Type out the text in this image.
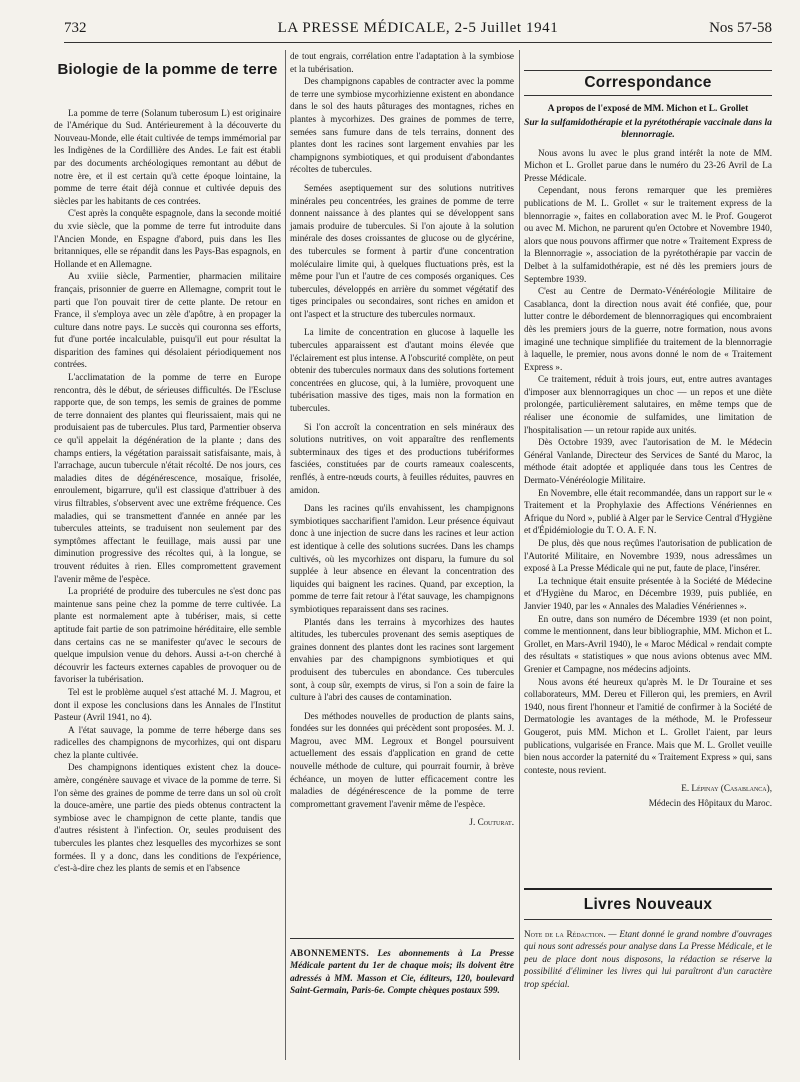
732	LA PRESSE MÉDICALE, 2-5 Juillet 1941	Nos 57-58
Biologie de la pomme de terre

La pomme de terre (Solanum tuberosum L) est originaire de l'Amérique du Sud. Antérieurement à la découverte du Nouveau-Monde, elle était cultivée de temps immémorial par les Indigènes de la Cordillière des Andes. Le fait est établi par des documents archéologiques remontant au début de notre ère, et il est certain qu'à cette époque lointaine, la pomme de terre était déjà connue et cultivée depuis des siècles par les habitants de ces contrées.

C'est après la conquête espagnole, dans la seconde moitié du xvie siècle, que la pomme de terre fut introduite dans l'Ancien Monde, en Espagne d'abord, puis dans les Iles britanniques, elle se répandit dans les Pays-Bas espagnols, en Hollande et en Allemagne.

Au xviiie siècle, Parmentier, pharmacien militaire français, prisonnier de guerre en Allemagne, comprit tout le parti que l'on pouvait tirer de cette plante. De retour en France, il s'employa avec un zèle d'apôtre, à en propager la culture dans notre pays. Le succès qui couronna ses efforts, fut d'une portée incalculable, puisqu'il eut pour résultat la disparition des famines qui désolaient périodiquement nos contrées.

L'acclimatation de la pomme de terre en Europe rencontra, dès le début, de sérieuses difficultés. De l'Escluse rapporte que, de son temps, les semis de graines de pomme de terre donnaient des plantes qui fleurissaient, mais qui ne produisaient pas de tubercules. Plus tard, Parmentier observa ce qu'il appelait la dégénération de la plante ; dans des champs entiers, la végétation paraissait satisfaisante, mais, à l'arrachage, aucun tubercule n'était récolté. De nos jours, ces maladies dites de dégénérescence, mosaïque, frisolée, enroulement, bigarrure, qu'il est classique d'attribuer à des virus filtrables, s'observent avec une extrême fréquence. Ces maladies, qui se transmettent d'année en année par les tubercules atteints, se traduisent non seulement par des symptômes affectant le feuillage, mais aussi par une diminution progressive des récoltes qui, à la longue, se trouvent réduites à rien. Elles compromettent gravement l'avenir même de l'espèce.

La propriété de produire des tubercules ne s'est donc pas maintenue sans peine chez la pomme de terre cultivée. La plante est normalement apte à tubériser, mais, si cette aptitude fait partie de son patrimoine héréditaire, elle semble dans certains cas ne se manifester qu'avec le secours de quelque impulsion venue du dehors. Aussi a-t-on cherché à découvrir les facteurs externes capables de provoquer ou de favoriser la tubérisation.

Tel est le problème auquel s'est attaché M. J. Magrou, et dont il expose les conclusions dans les Annales de l'Institut Pasteur (Avril 1941, no 4).

A l'état sauvage, la pomme de terre héberge dans ses radicelles des champignons de mycorhizes, qui ont disparu chez la plante cultivée.

Des champignons identiques existent chez la douce-amère, congénère sauvage et vivace de la pomme de terre. Si l'on sème des graines de pomme de terre dans un sol où croît la douce-amère, une partie des pieds obtenus contractent la symbiose avec le champignon de cette plante, tandis que d'autres résistent à l'infection. Or, seules produisent des tubercules les plantes chez lesquelles des mycorhizes se sont formées. Il y a donc, dans les conditions de l'expérience, c'est-à-dire chez les plants de semis et en l'absence

de tout engrais, corrélation entre l'adaptation à la symbiose et la tubérisation.

Des champignons capables de contracter avec la pomme de terre une symbiose mycorhizienne existent en abondance dans le sol des hauts pâturages des montagnes, riches en plantes à mycorhizes. Des graines de pommes de terre, semées sans fumure dans de tels terrains, donnent des plantes dont les racines sont largement envahies par les champignons symbiotiques, et qui produisent d'abondantes récoltes de tubercules.

Semées aseptiquement sur des solutions nutritives minérales peu concentrées, les graines de pomme de terre donnent naissance à des plantes qui se développent sans jamais produire de tubercules. Si l'on ajoute à la solution minérale des doses croissantes de glucose ou de glycérine, des tubercules se forment à partir d'une concentration moléculaire limite qui, à quelques fluctuations près, est la même pour l'un et l'autre de ces composés organiques. Ces tubercules, développés en arrière du sommet végétatif des tiges principales ou secondaires, sont riches en amidon et ont l'aspect et la structure des tubercules normaux.

La limite de concentration en glucose à laquelle les tubercules apparaissent est d'autant moins élevée que l'éclairement est plus intense. A l'obscurité complète, on peut obtenir des tubercules normaux dans des solutions fortement concentrées en glucose, qui, à la lumière, provoquent une tubérisation massive des tiges, mais non la formation en tubercules.

Si l'on accroît la concentration en sels minéraux des solutions nutritives, on voit apparaître des renflements subterminaux des tiges et des productions tubériformes fasciées, constituées par de courts rameaux coalescents, renflés, à entre-nœuds courts, à feuilles réduites, pauvres en amidon.

Dans les racines qu'ils envahissent, les champignons symbiotiques saccharifient l'amidon. Leur présence équivaut donc à une injection de sucre dans les racines et leur action est identique à celle des solutions sucrées. Dans les champs cultivés, où les mycorhizes ont disparu, la fumure du sol supplée à leur absence en élevant la concentration des liquides qui baignent les racines. Quand, par exception, la pomme de terre fait retour à l'état sauvage, les champignons symbiotiques reparaissent dans ses racines.

Plantés dans les terrains à mycorhizes des hautes altitudes, les tubercules provenant des semis aseptiques de graines donnent des plantes dont les racines sont largement envahies par des champignons symbiotiques et qui produisent des tubercules en abondance. Ces tubercules sont, à coup sûr, exempts de virus, si l'on a soin de faire la culture à l'abri des causes de contamination.

Des méthodes nouvelles de production de plants sains, fondées sur les données qui précèdent sont proposées. M. J. Magrou, avec MM. Legroux et Bongel poursuivent actuellement des essais d'application en grand de cette nouvelle méthode de culture, qui pourrait fournir, à brève échéance, un moyen de lutter efficacement contre les maladies de dégénérescence de la pomme de terre compromettant gravement l'avenir même de l'espèce.

J. Couturat.
ABONNEMENTS. Les abonnements à La Presse Médicale partent du 1er de chaque mois; ils doivent être adressés à MM. Masson et Cie, éditeurs, 120, boulevard Saint-Germain, Paris-6e. Compte chèques postaux 599.
Correspondance
A propos de l'exposé de MM. Michon et L. Grollet
Sur la sulfamidothérapie et la pyrétothérapie vaccinale dans la blennorragie.

Nous avons lu avec le plus grand intérêt la note de MM. Michon et L. Grollet parue dans le numéro du 23-26 Avril de La Presse Médicale.

Cependant, nous ferons remarquer que les premières publications de M. L. Grollet « sur le traitement express de la blennorragie », faites en collaboration avec M. le Prof. Gougerot ou avec M. Michon, ne parurent qu'en Octobre et Novembre 1940, alors que nous pouvons affirmer que notre « Traitement Express de la Blennorragie », association de la pyrétothérapie par vaccin de Delbet à la sulfamidothérapie, est né dès les premiers jours de Septembre 1939.

C'est au Centre de Dermato-Vénéréologie Militaire de Casablanca, dont la direction nous avait été confiée, que, pour lutter contre le débordement de blennorragiques qui encombraient dès les premiers jours de la guerre, notre formation, nous avons imaginé une technique simplifiée du traitement de la blennorragie à laquelle, le premier, nous avons donné le nom de « Traitement Express ».

Ce traitement, réduit à trois jours, eut, entre autres avantages d'imposer aux blennorragiques un choc — un repos et une diète prolongée, particulièrement salutaires, en même temps que de réaliser une économie de sulfamides, une limitation de l'hospitalisation — un retour rapide aux unités.

Dès Octobre 1939, avec l'autorisation de M. le Médecin Général Vanlande, Directeur des Services de Santé du Maroc, la méthode était adoptée et appliquée dans tous les Centres de Dermato-Vénéréologie Militaire.

En Novembre, elle était recommandée, dans un rapport sur le « Traitement et la Prophylaxie des Affections Vénériennes en Afrique du Nord », publié à Alger par le Service Central d'Hygiène et d'Épidémiologie du T. O. A. F. N.

De plus, dès que nous reçûmes l'autorisation de publication de l'Autorité Militaire, en Novembre 1939, nous adressâmes un exposé à La Presse Médicale qui ne put, faute de place, l'insérer.

La technique était ensuite présentée à la Société de Médecine et d'Hygiène du Maroc, en Décembre 1939, puis publiée, en Janvier 1940, par les « Annales des Maladies Vénériennes ».

En outre, dans son numéro de Décembre 1939 (et non point, comme le mentionnent, dans leur bibliographie, MM. Michon et L. Grollet, en Mars-Avril 1940), le « Maroc Médical » rendait compte des résultats « statistiques » que nous avions obtenus avec MM. Grenier et Campagne, nos médecins adjoints.

Nous avons été heureux qu'après M. le Dr Touraine et ses collaborateurs, MM. Dereu et Filleron qui, les premiers, en Avril 1940, nous firent l'honneur et l'amitié de confirmer à la Société de Dermatologie les avantages de la méthode, M. le Professeur Gougerot, puis MM. Michon et L. Grollet l'aient, par leurs publications, vulgarisée en France. Mais que M. L. Grollet veuille bien nous accorder la paternité du « Traitement Express » qui, sans conteste, nous revient.

E. Lépinay (Casablanca),
Médecin des Hôpitaux du Maroc.
Livres Nouveaux
Note de la Rédaction. — Etant donné le grand nombre d'ouvrages qui nous sont adressés pour analyse dans La Presse Médicale, et le peu de place dont nous disposons, la rédaction se réserve la possibilité d'éliminer les livres qui lui paraîtront d'un caractère trop spécial.
